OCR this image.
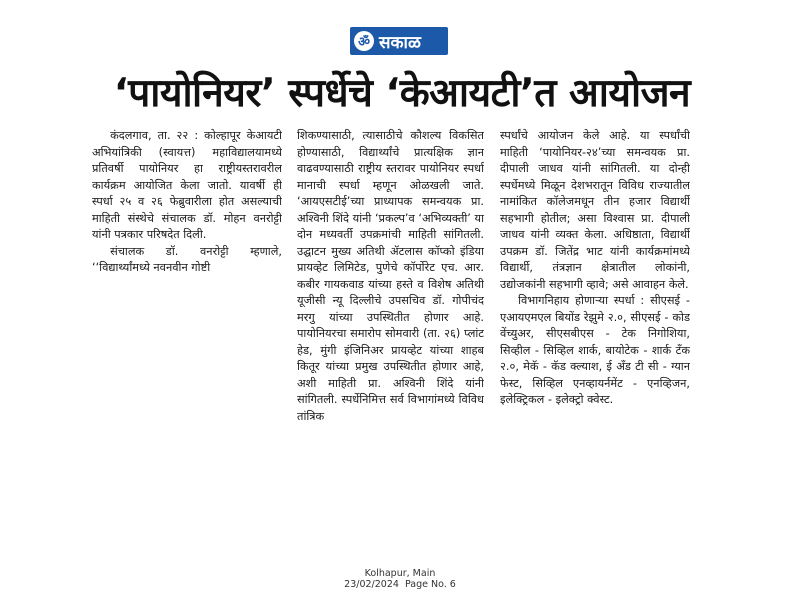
ॐ सकाळ
‘पायोनियर’ स्पर्धेचे ‘केआयटी’त आयोजन

कंदलगाव, ता. २२ : कोल्हापूर केआयटी अभियांत्रिकी (स्वायत्त) महाविद्यालयामध्ये प्रतिवर्षी पायोनियर हा राष्ट्रीयस्तरावरील कार्यक्रम आयोजित केला जातो. यावर्षी ही स्पर्धा २५ व २६ फेब्रुवारीला होत असल्याची माहिती संस्थेचे संचालक डॉ. मोहन वनरोट्टी यांनी पत्रकार परिषदेत दिली.

संचालक डॉ. वनरोट्टी म्हणाले, ‘‘विद्यार्थ्यांमध्ये नवनवीन गोष्टी

शिकण्यासाठी, त्यासाठीचे कौशल्य विकसित होण्यासाठी, विद्यार्थ्यांचे प्रात्यक्षिक ज्ञान वाढवण्यासाठी राष्ट्रीय स्तरावर पायोनियर स्पर्धा मानाची स्पर्धा म्हणून ओळखली जाते. ‘आयएसटीई’च्या प्राध्यापक समन्वयक प्रा. अश्विनी शिंदे यांनी ‘प्रकल्प’व ‘अभिव्यक्ती’ या दोन मध्यवर्ती उपक्रमांची माहिती सांगितली. उद्घाटन मुख्य अतिथी ॲटलास कॉप्को इंडिया प्रायव्हेट लिमिटेड, पुणेचे कॉर्पोरेट एच. आर. कबीर गायकवाड यांच्या हस्ते व विशेष अतिथी यूजीसी न्यू दिल्लीचे उपसचिव डॉ. गोपीचंद मरगु यांच्या उपस्थितीत होणार आहे. पायोनियरचा समारोप सोमवारी (ता. २६) प्लांट हेड, मुंगी इंजिनिअर प्रायव्हेट यांच्या शाहब कितूर यांच्या प्रमुख उपस्थितीत होणार आहे, अशी माहिती प्रा. अश्विनी शिंदे यांनी सांगितली. स्पर्धेनिमित्त सर्व विभागांमध्ये विविध तांत्रिक

स्पर्धांचे आयोजन केले आहे. या स्पर्धांची माहिती ‘पायोनियर-२४’च्या समन्वयक प्रा. दीपाली जाधव यांनी सांगितली. या दोन्ही स्पर्धेमध्ये मिळून देशभरातून विविध राज्यातील नामांकित कॉलेजमधून तीन हजार विद्यार्थी सहभागी होतील; असा विश्वास प्रा. दीपाली जाधव यांनी व्यक्त केला. अधिष्ठाता, विद्यार्थी उपक्रम डॉ. जितेंद्र भाट यांनी कार्यक्रमांमध्ये विद्यार्थी, तंत्रज्ञान क्षेत्रातील लोकांनी, उद्योजकांनी सहभागी व्हावे; असे आवाहन केले.

विभागनिहाय होणाऱ्या स्पर्धा : सीएसई - एआयएमएल बियोंड रेझुमे २.०, सीएसई - कोड वेंच्युअर, सीएसबीएस - टेक निगोशिया, सिव्हील - सिव्हिल शार्क, बायोटेक - शार्क टँक २.०, मेकॅ - कॅड क्ल्याश, ई अँड टी सी - ग्यान फेस्ट, सिव्हिल एनव्हायर्नमेंट - एनव्हिजन, इलेक्ट्रिकल - इलेक्ट्रो क्वेस्ट.

Kolhapur, Main
23/02/2024  Page No. 6
